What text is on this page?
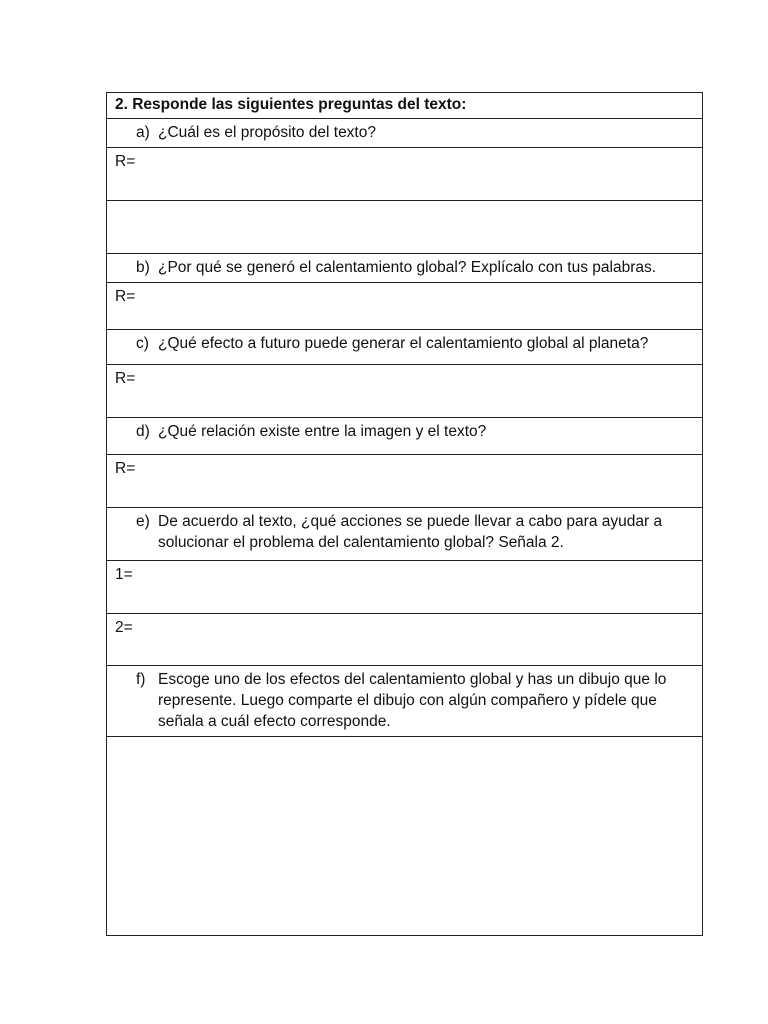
2. Responde las siguientes preguntas del texto:

a) ¿Cuál es el propósito del texto?

R=

b) ¿Por qué se generó el calentamiento global? Explícalo con tus palabras.

R=

c) ¿Qué efecto a futuro puede generar el calentamiento global al planeta?

R=

d) ¿Qué relación existe entre la imagen y el texto?

R=

e) De acuerdo al texto, ¿qué acciones se puede llevar a cabo para ayudar a solucionar el problema del calentamiento global? Señala 2.

1=

2=

f) Escoge uno de los efectos del calentamiento global y has un dibujo que lo represente. Luego comparte el dibujo con algún compañero y pídele que señala a cuál efecto corresponde.
